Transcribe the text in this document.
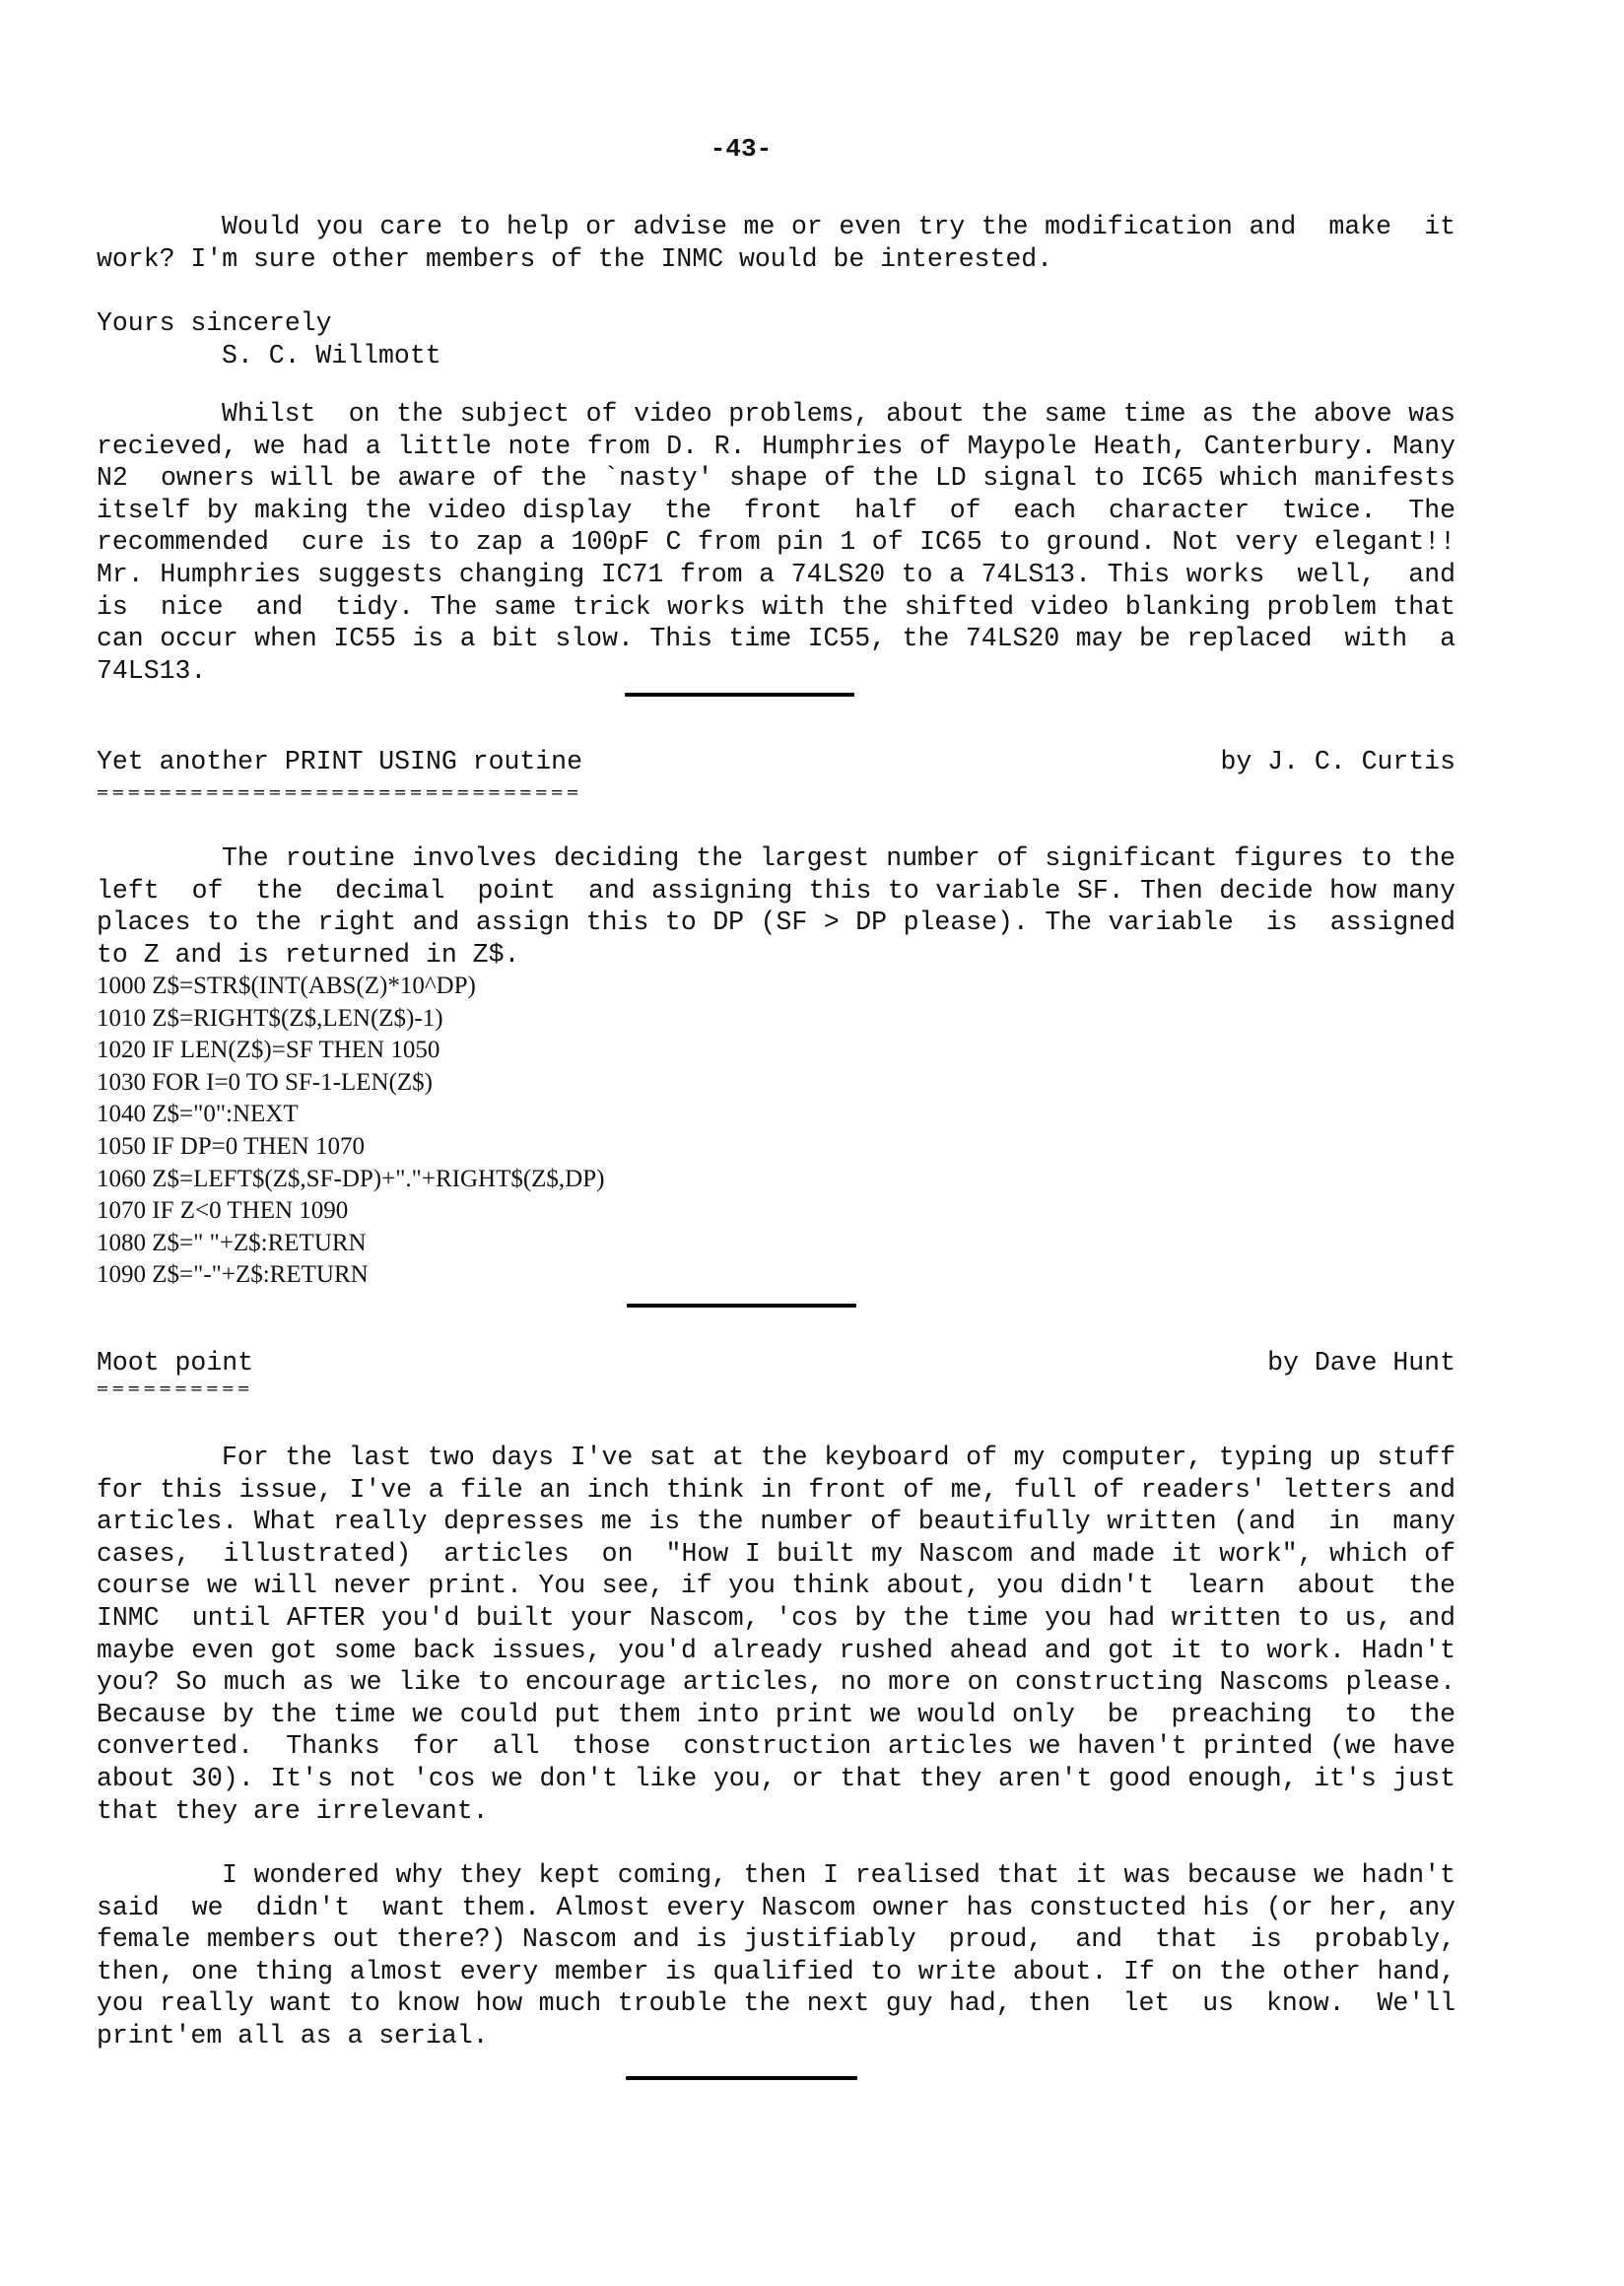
-43-
Would you care to help or advise me or even try the modification and  make  it
work? I'm sure other members of the INMC would be interested.
Yours sincerely
S. C. Willmott
Whilst  on the subject of video problems, about the same time as the above was
recieved, we had a little note from D. R. Humphries of Maypole Heath, Canterbury. Many
N2  owners will be aware of the `nasty' shape of the LD signal to IC65 which manifests
itself by making the video display  the  front  half  of  each  character  twice.  The
recommended  cure is to zap a 100pF C from pin 1 of IC65 to ground. Not very elegant!!
Mr. Humphries suggests changing IC71 from a 74LS20 to a 74LS13. This works  well,  and
is  nice  and  tidy. The same trick works with the shifted video blanking problem that
can occur when IC55 is a bit slow. This time IC55, the 74LS20 may be replaced  with  a
74LS13.
Yet another PRINT USING routine	by J. C. Curtis
===============================
The routine involves deciding the largest number of significant figures to the
left  of  the  decimal  point  and assigning this to variable SF. Then decide how many
places to the right and assign this to DP (SF > DP please). The variable  is  assigned
to Z and is returned in Z$.
1000 Z$=STR$(INT(ABS(Z)*10^DP)
1010 Z$=RIGHT$(Z$,LEN(Z$)-1)
1020 IF LEN(Z$)=SF THEN 1050
1030 FOR I=0 TO SF-1-LEN(Z$)
1040 Z$="0":NEXT
1050 IF DP=0 THEN 1070
1060 Z$=LEFT$(Z$,SF-DP)+"."+RIGHT$(Z$,DP)
1070 IF Z<0 THEN 1090
1080 Z$=" "+Z$:RETURN
1090 Z$="-"+Z$:RETURN
Moot point	by Dave Hunt
==========
For the last two days I've sat at the keyboard of my computer, typing up stuff
for this issue, I've a file an inch think in front of me, full of readers' letters and
articles. What really depresses me is the number of beautifully written (and  in  many
cases,  illustrated)  articles  on  "How I built my Nascom and made it work", which of
course we will never print. You see, if you think about, you didn't  learn  about  the
INMC  until AFTER you'd built your Nascom, 'cos by the time you had written to us, and
maybe even got some back issues, you'd already rushed ahead and got it to work. Hadn't
you? So much as we like to encourage articles, no more on constructing Nascoms please.
Because by the time we could put them into print we would only  be  preaching  to  the
converted.  Thanks  for  all  those  construction articles we haven't printed (we have
about 30). It's not 'cos we don't like you, or that they aren't good enough, it's just
that they are irrelevant.
I wondered why they kept coming, then I realised that it was because we hadn't
said  we  didn't  want them. Almost every Nascom owner has constucted his (or her, any
female members out there?) Nascom and is justifiably  proud,  and  that  is  probably,
then, one thing almost every member is qualified to write about. If on the other hand,
you really want to know how much trouble the next guy had, then  let  us  know.  We'll
print'em all as a serial.
